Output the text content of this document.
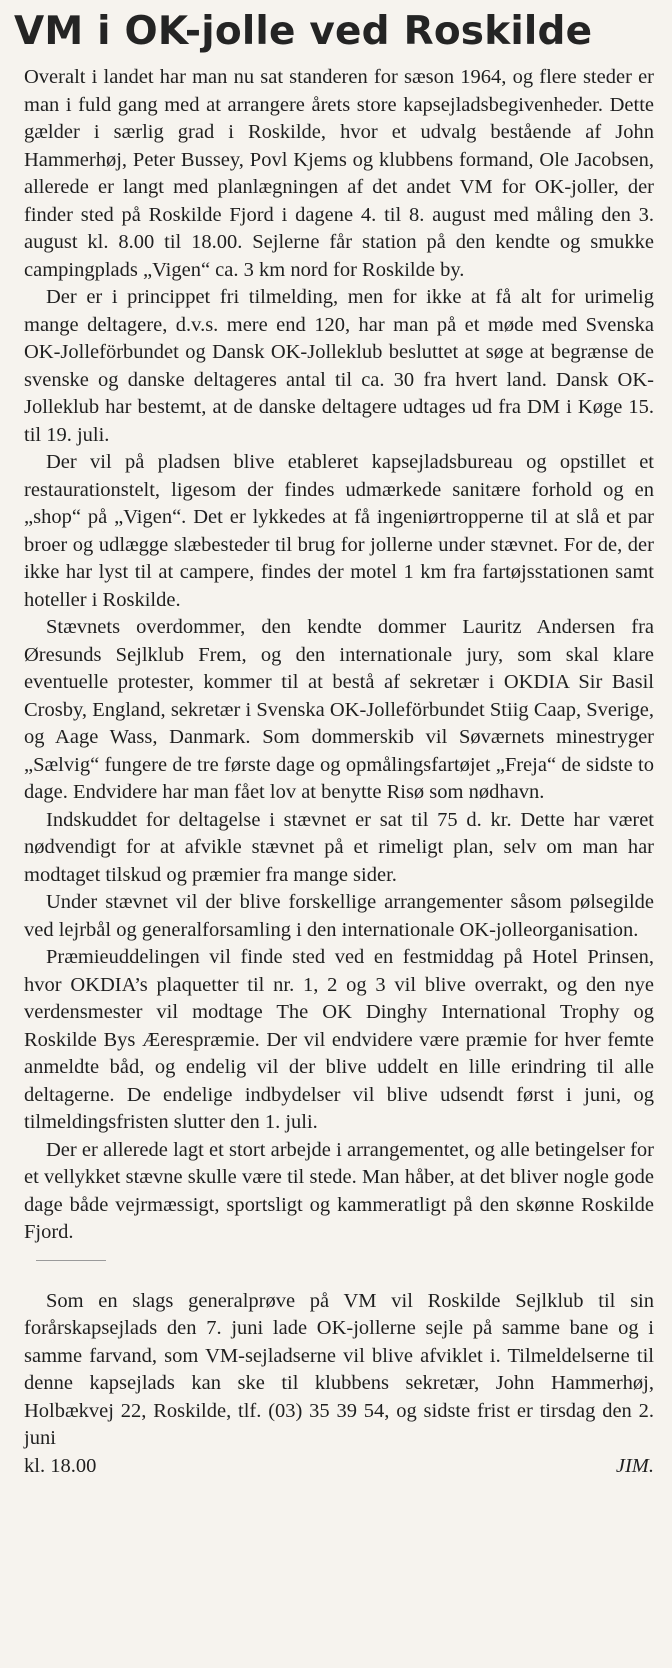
VM i OK-jolle ved Roskilde

Overalt i landet har man nu sat standeren for sæson 1964, og flere steder er man i fuld gang med at arrangere årets store kapsejladsbegivenheder. Dette gælder i særlig grad i Roskilde, hvor et udvalg bestående af John Hammerhøj, Peter Bussey, Povl Kjems og klubbens formand, Ole Jacobsen, allerede er langt med planlægningen af det andet VM for OK-joller, der finder sted på Roskilde Fjord i dagene 4. til 8. august med måling den 3. august kl. 8.00 til 18.00. Sejlerne får station på den kendte og smukke campingplads „Vigen“ ca. 3 km nord for Roskilde by.

Der er i princippet fri tilmelding, men for ikke at få alt for urimelig mange deltagere, d.v.s. mere end 120, har man på et møde med Svenska OK-Jolleförbundet og Dansk OK-Jolleklub besluttet at søge at begrænse de svenske og danske deltageres antal til ca. 30 fra hvert land. Dansk OK-Jolleklub har bestemt, at de danske deltagere udtages ud fra DM i Køge 15. til 19. juli.

Der vil på pladsen blive etableret kapsejladsbureau og opstillet et restaurationstelt, ligesom der findes udmærkede sanitære forhold og en „shop“ på „Vigen“. Det er lykkedes at få ingeniørtropperne til at slå et par broer og udlægge slæbesteder til brug for jollerne under stævnet. For de, der ikke har lyst til at campere, findes der motel 1 km fra fartøjsstationen samt hoteller i Roskilde.

Stævnets overdommer, den kendte dommer Lauritz Andersen fra Øresunds Sejlklub Frem, og den internationale jury, som skal klare eventuelle protester, kommer til at bestå af sekretær i OKDIA Sir Basil Crosby, England, sekretær i Svenska OK-Jolleförbundet Stiig Caap, Sverige, og Aage Wass, Danmark. Som dommerskib vil Søværnets minestryger „Sælvig“ fungere de tre første dage og opmålingsfartøjet „Freja“ de sidste to dage. Endvidere har man fået lov at benytte Risø som nødhavn.

Indskuddet for deltagelse i stævnet er sat til 75 d. kr. Dette har været nødvendigt for at afvikle stævnet på et rimeligt plan, selv om man har modtaget tilskud og præmier fra mange sider.

Under stævnet vil der blive forskellige arrangementer såsom pølsegilde ved lejrbål og generalforsamling i den internationale OK-jolleorganisation.

Præmieuddelingen vil finde sted ved en festmiddag på Hotel Prinsen, hvor OKDIA’s plaquetter til nr. 1, 2 og 3 vil blive overrakt, og den nye verdensmester vil modtage The OK Dinghy International Trophy og Roskilde Bys Æerespræmie. Der vil endvidere være præmie for hver femte anmeldte båd, og endelig vil der blive uddelt en lille erindring til alle deltagerne. De endelige indbydelser vil blive udsendt først i juni, og tilmeldingsfristen slutter den 1. juli.

Der er allerede lagt et stort arbejde i arrangementet, og alle betingelser for et vellykket stævne skulle være til stede. Man håber, at det bliver nogle gode dage både vejrmæssigt, sportsligt og kammeratligt på den skønne Roskilde Fjord.

Som en slags generalprøve på VM vil Roskilde Sejlklub til sin forårskapsejlads den 7. juni lade OK-jollerne sejle på samme bane og i samme farvand, som VM-sejladserne vil blive afviklet i. Tilmeldelserne til denne kapsejlads kan ske til klubbens sekretær, John Hammerhøj, Holbækvej 22, Roskilde, tlf. (03) 35 39 54, og sidste frist er tirsdag den 2. juni

kl. 18.00	JIM.
